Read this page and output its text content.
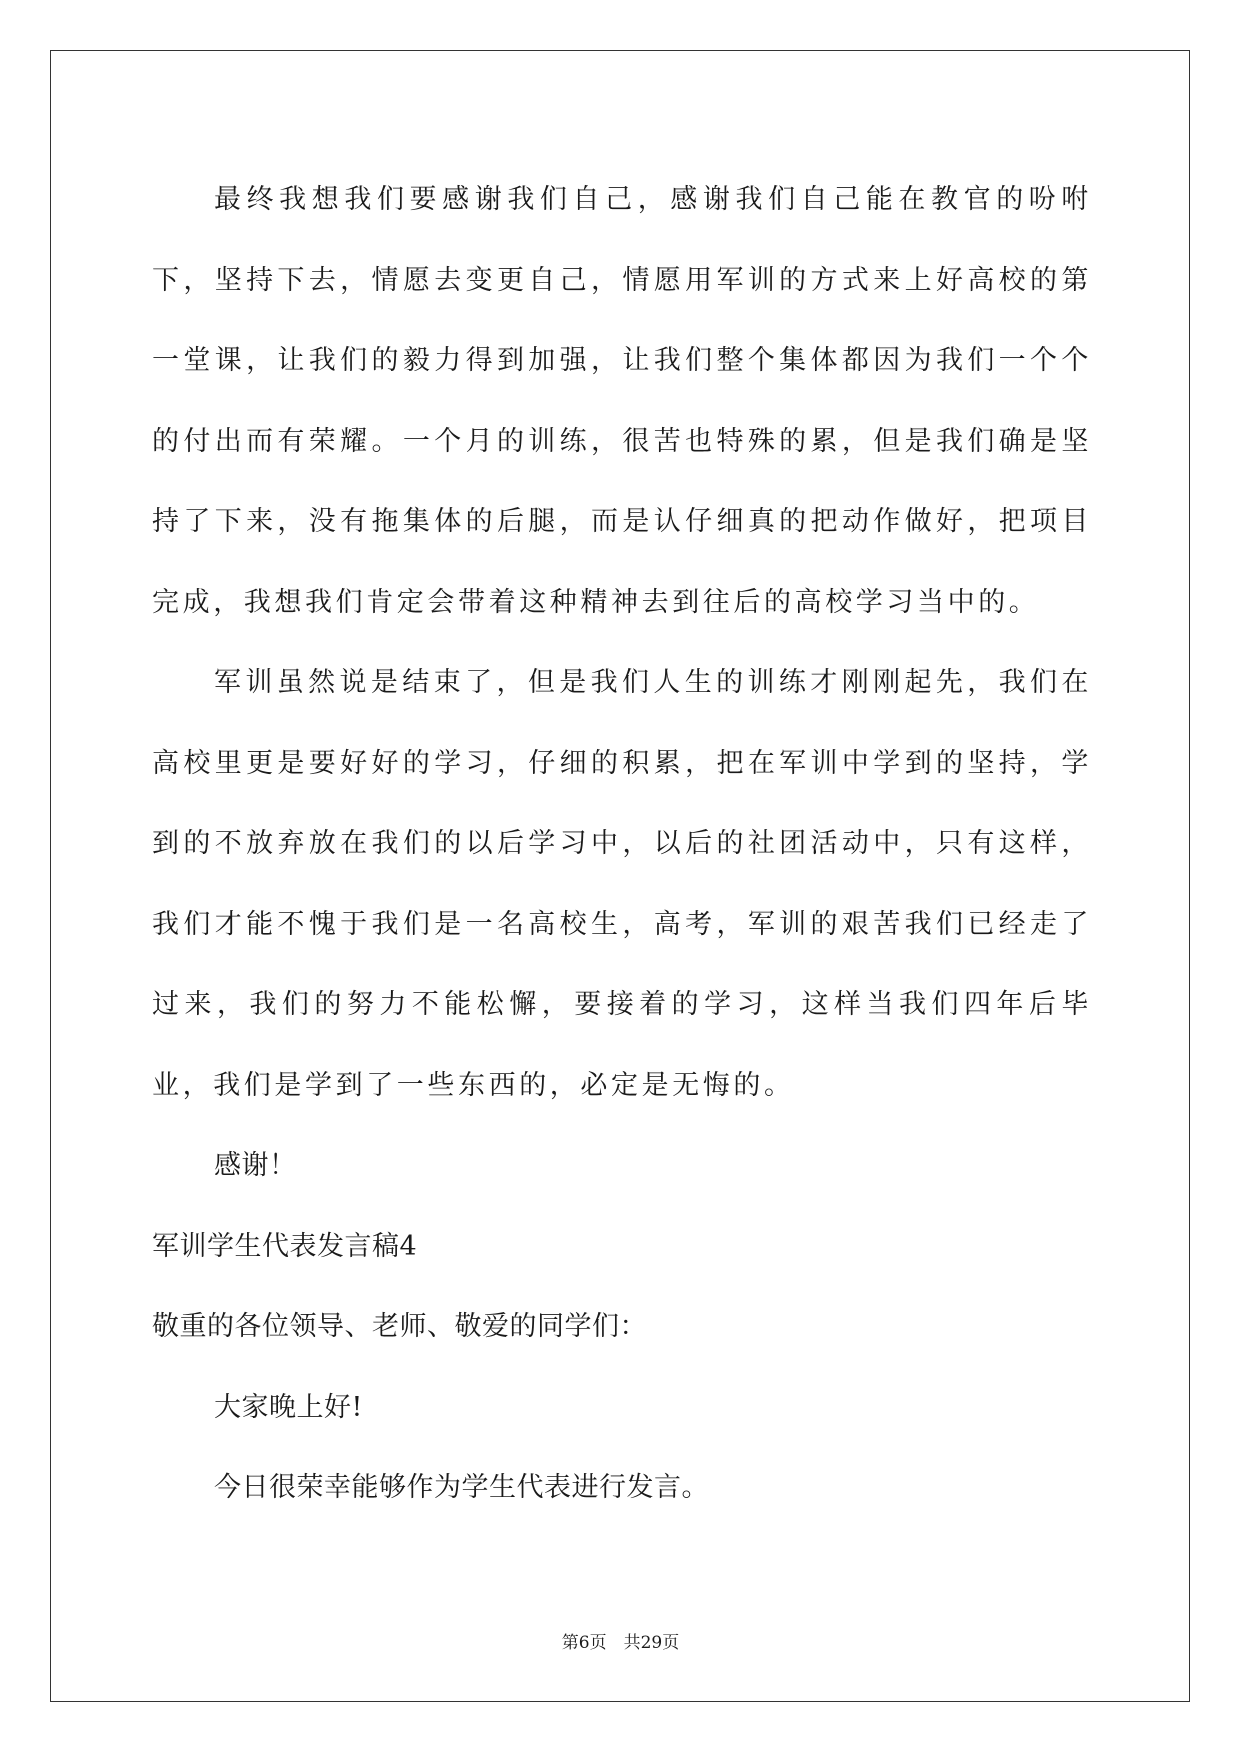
最终我想我们要感谢我们自己，感谢我们自己能在教官的吩咐下，坚持下去，情愿去变更自己，情愿用军训的方式来上好高校的第一堂课，让我们的毅力得到加强，让我们整个集体都因为我们一个个的付出而有荣耀。一个月的训练，很苦也特殊的累，但是我们确是坚持了下来，没有拖集体的后腿，而是认仔细真的把动作做好，把项目完成，我想我们肯定会带着这种精神去到往后的高校学习当中的。

军训虽然说是结束了，但是我们人生的训练才刚刚起先，我们在高校里更是要好好的学习，仔细的积累，把在军训中学到的坚持，学到的不放弃放在我们的以后学习中，以后的社团活动中，只有这样，我们才能不愧于我们是一名高校生，高考，军训的艰苦我们已经走了过来，我们的努力不能松懈，要接着的学习，这样当我们四年后毕业，我们是学到了一些东西的，必定是无悔的。

感谢！

军训学生代表发言稿4

敬重的各位领导、老师、敬爱的同学们：

大家晚上好!

今日很荣幸能够作为学生代表进行发言。

第6页　共29页
